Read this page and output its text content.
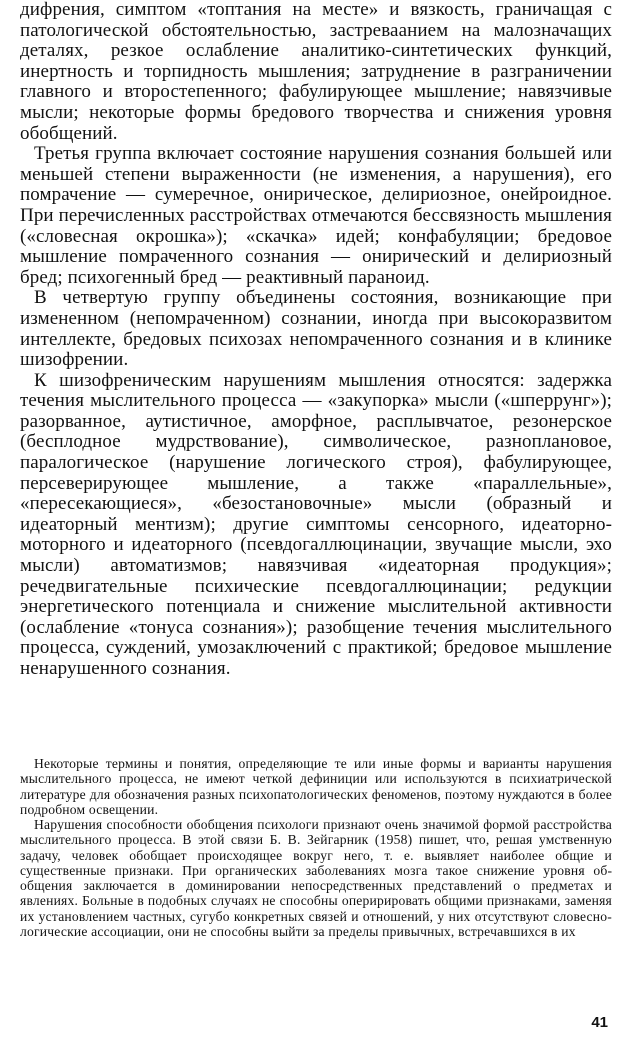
дифрения, симптом «топтания на месте» и вязкость, граничащая с патологической обстоятельностью, застреваанием на малозначащих деталях, резкое ослабление аналитико-синтетических функций, инертность и торпидность мышления; затруднение в разграничении главного и второстепенного; фабулирующее мышление; навязчивые мысли; некоторые формы бредового творчества и снижения уровня обобщений.

Третья группа включает состояние нарушения сознания большей или меньшей степени выраженности (не изменения, а нарушения), его помрачение — сумеречное, онирическое, делириозное, онейроидное. При перечисленных расстройствах отмечаются бессвязность мышления («словесная окрошка»); «скачка» идей; конфабуляции; бредовое мышление помраченного сознания — онирический и делириозный бред; психогенный бред — реактивный параноид.

В четвертую группу объединены состояния, возникающие при измененном (непомраченном) сознании, иногда при высокоразвитом интеллекте, бредовых психозах непомраченного сознания и в клинике шизофрении.

К шизофреническим нарушениям мышления относятся: задержка течения мыслительного процесса — «закупорка» мысли («шперрунг»); разорванное, аутистичное, аморфное, расплывчатое, резонерское (бесплодное мудрствование), символическое, разноплановое, паралогическое (нарушение логического строя), фабулирующее, персеверирующее мышление, а также «параллельные», «пересекающиеся», «безостановочные» мысли (образный и идеаторный ментизм); другие симптомы сенсорного, идеаторно-моторного и идеаторного (псевдогаллюцинации, звучащие мысли, эхо мысли) автоматизмов; навязчивая «идеаторная продукция»; речедвигательные психические псевдогаллюцинации; редукции энергетического потенциала и снижение мыслительной активности (ослабление «тонуса сознания»); разобщение течения мыслительного процесса, суждений, умозаключений с практикой; бредовое мышление ненарушенного сознания.

Некоторые термины и понятия, определяющие те или иные формы и варианты нарушения мыслительного процесса, не имеют четкой дефиниции или используются в психиатрической литературе для обозначения разных психопатологических феноменов, поэтому нуждаются в более подробном освещении.

Нарушения способности обобщения психологи признают очень значимой формой расстройства мыслительного процесса. В этой связи Б. В. Зейгарник (1958) пишет, что, решая умственную задачу, человек обобщает происходящее вокруг него, т. е. выявляет наиболее общие и существенные признаки. При органических заболеваниях мозга такое снижение уровня обобщения заключается в доминировании непосредственных представлений о предметах и явлениях. Больные в подобных случаях не способны оперирировать общими признаками, заменяя их установлением частных, сугубо конкретных связей и отношений, у них отсутствуют словесно-логические ассоциации, они не способны выйти за пределы привычных, встречавшихся в их

41
